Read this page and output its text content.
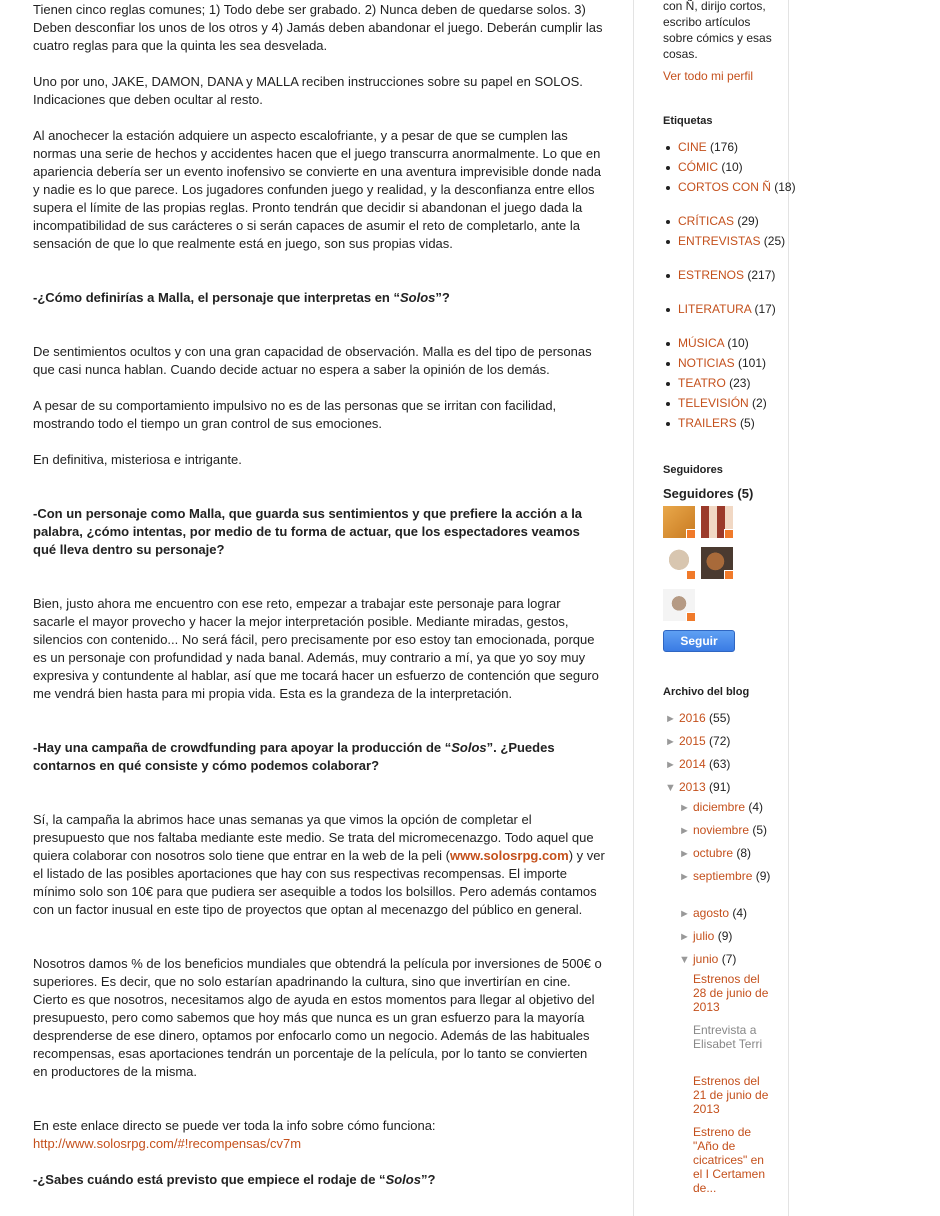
Tienen cinco reglas comunes; 1) Todo debe ser grabado. 2) Nunca deben de quedarse solos. 3) Deben desconfiar los unos de los otros y 4) Jamás deben abandonar el juego. Deberán cumplir las cuatro reglas para que la quinta les sea desvelada.

Uno por uno, JAKE, DAMON, DANA y MALLA reciben instrucciones sobre su papel en SOLOS. Indicaciones que deben ocultar al resto.

Al anochecer la estación adquiere un aspecto escalofriante, y a pesar de que se cumplen las normas una serie de hechos y accidentes hacen que el juego transcurra anormalmente. Lo que en apariencia debería ser un evento inofensivo se convierte en una aventura imprevisible donde nada y nadie es lo que parece. Los jugadores confunden juego y realidad, y la desconfianza entre ellos supera el límite de las propias reglas. Pronto tendrán que decidir si abandonan el juego dada la incompatibilidad de sus carácteres o si serán capaces de asumir el reto de completarlo, ante la sensación de que lo que realmente está en juego, son sus propias vidas.

-¿Cómo definirías a Malla, el personaje que interpretas en “Solos”?

De sentimientos ocultos y con una gran capacidad de observación. Malla es del tipo de personas que casi nunca hablan. Cuando decide actuar no espera a saber la opinión de los demás.

A pesar de su comportamiento impulsivo no es de las personas que se irritan con facilidad, mostrando todo el tiempo un gran control de sus emociones.

En definitiva, misteriosa e intrigante.

-Con un personaje como Malla, que guarda sus sentimientos y que prefiere la acción a la palabra, ¿cómo intentas, por medio de tu forma de actuar, que los espectadores veamos qué lleva dentro su personaje?

Bien, justo ahora me encuentro con ese reto, empezar a trabajar este personaje para lograr sacarle el mayor provecho y hacer la mejor interpretación posible. Mediante miradas, gestos, silencios con contenido... No será fácil, pero precisamente por eso estoy tan emocionada, porque es un personaje con profundidad y nada banal. Además, muy contrario a mí, ya que yo soy muy expresiva y contundente al hablar, así que me tocará hacer un esfuerzo de contención que seguro me vendrá bien hasta para mi propia vida. Esta es la grandeza de la interpretación.

-Hay una campaña de crowdfunding para apoyar la producción de “Solos”. ¿Puedes contarnos en qué consiste y cómo podemos colaborar?

Sí, la campaña la abrimos hace unas semanas ya que vimos la opción de completar el presupuesto que nos faltaba mediante este medio. Se trata del micromecenazgo. Todo aquel que quiera colaborar con nosotros solo tiene que entrar en la web de la peli (www.solosrpg.com) y ver el listado de las posibles aportaciones que hay con sus respectivas recompensas. El importe mínimo solo son 10€ para que pudiera ser asequible a todos los bolsillos. Pero además contamos con un factor inusual en este tipo de proyectos que optan al mecenazgo del público en general.

Nosotros damos % de los beneficios mundiales que obtendrá la película por inversiones de 500€ o superiores. Es decir, que no solo estarían apadrinando la cultura, sino que invertirían en cine. Cierto es que nosotros, necesitamos algo de ayuda en estos momentos para llegar al objetivo del presupuesto, pero como sabemos que hoy más que nunca es un gran esfuerzo para la mayoría desprenderse de ese dinero, optamos por enfocarlo como un negocio. Además de las habituales recompensas, esas aportaciones tendrán un porcentaje de la película, por lo tanto se convierten en productores de la misma.

En este enlace directo se puede ver toda la info sobre cómo funciona:
http://www.solosrpg.com/#!recompensas/cv7m

-¿Sabes cuándo está previsto que empiece el rodaje de “Solos”?

con Ñ, dirijo cortos, escribo artículos sobre cómics y esas cosas.
Ver todo mi perfil
Etiquetas
CINE (176)
CÓMIC (10)
CORTOS CON Ñ (18)
CRÍTICAS (29)
ENTREVISTAS (25)
ESTRENOS (217)
LITERATURA (17)
MÚSICA (10)
NOTICIAS (101)
TEATRO (23)
TELEVISIÓN (2)
TRAILERS (5)
Seguidores
Seguidores (5)
Seguir
Archivo del blog
► 2016 (55)
► 2015 (72)
► 2014 (63)
▼ 2013 (91)
► diciembre (4)
► noviembre (5)
► octubre (8)
► septiembre (9)
► agosto (4)
► julio (9)
▼ junio (7)
Estrenos del 28 de junio de 2013
Entrevista a Elisabet Terri
Estrenos del 21 de junio de 2013
Estreno de "Año de cicatrices" en el I Certamen de...
